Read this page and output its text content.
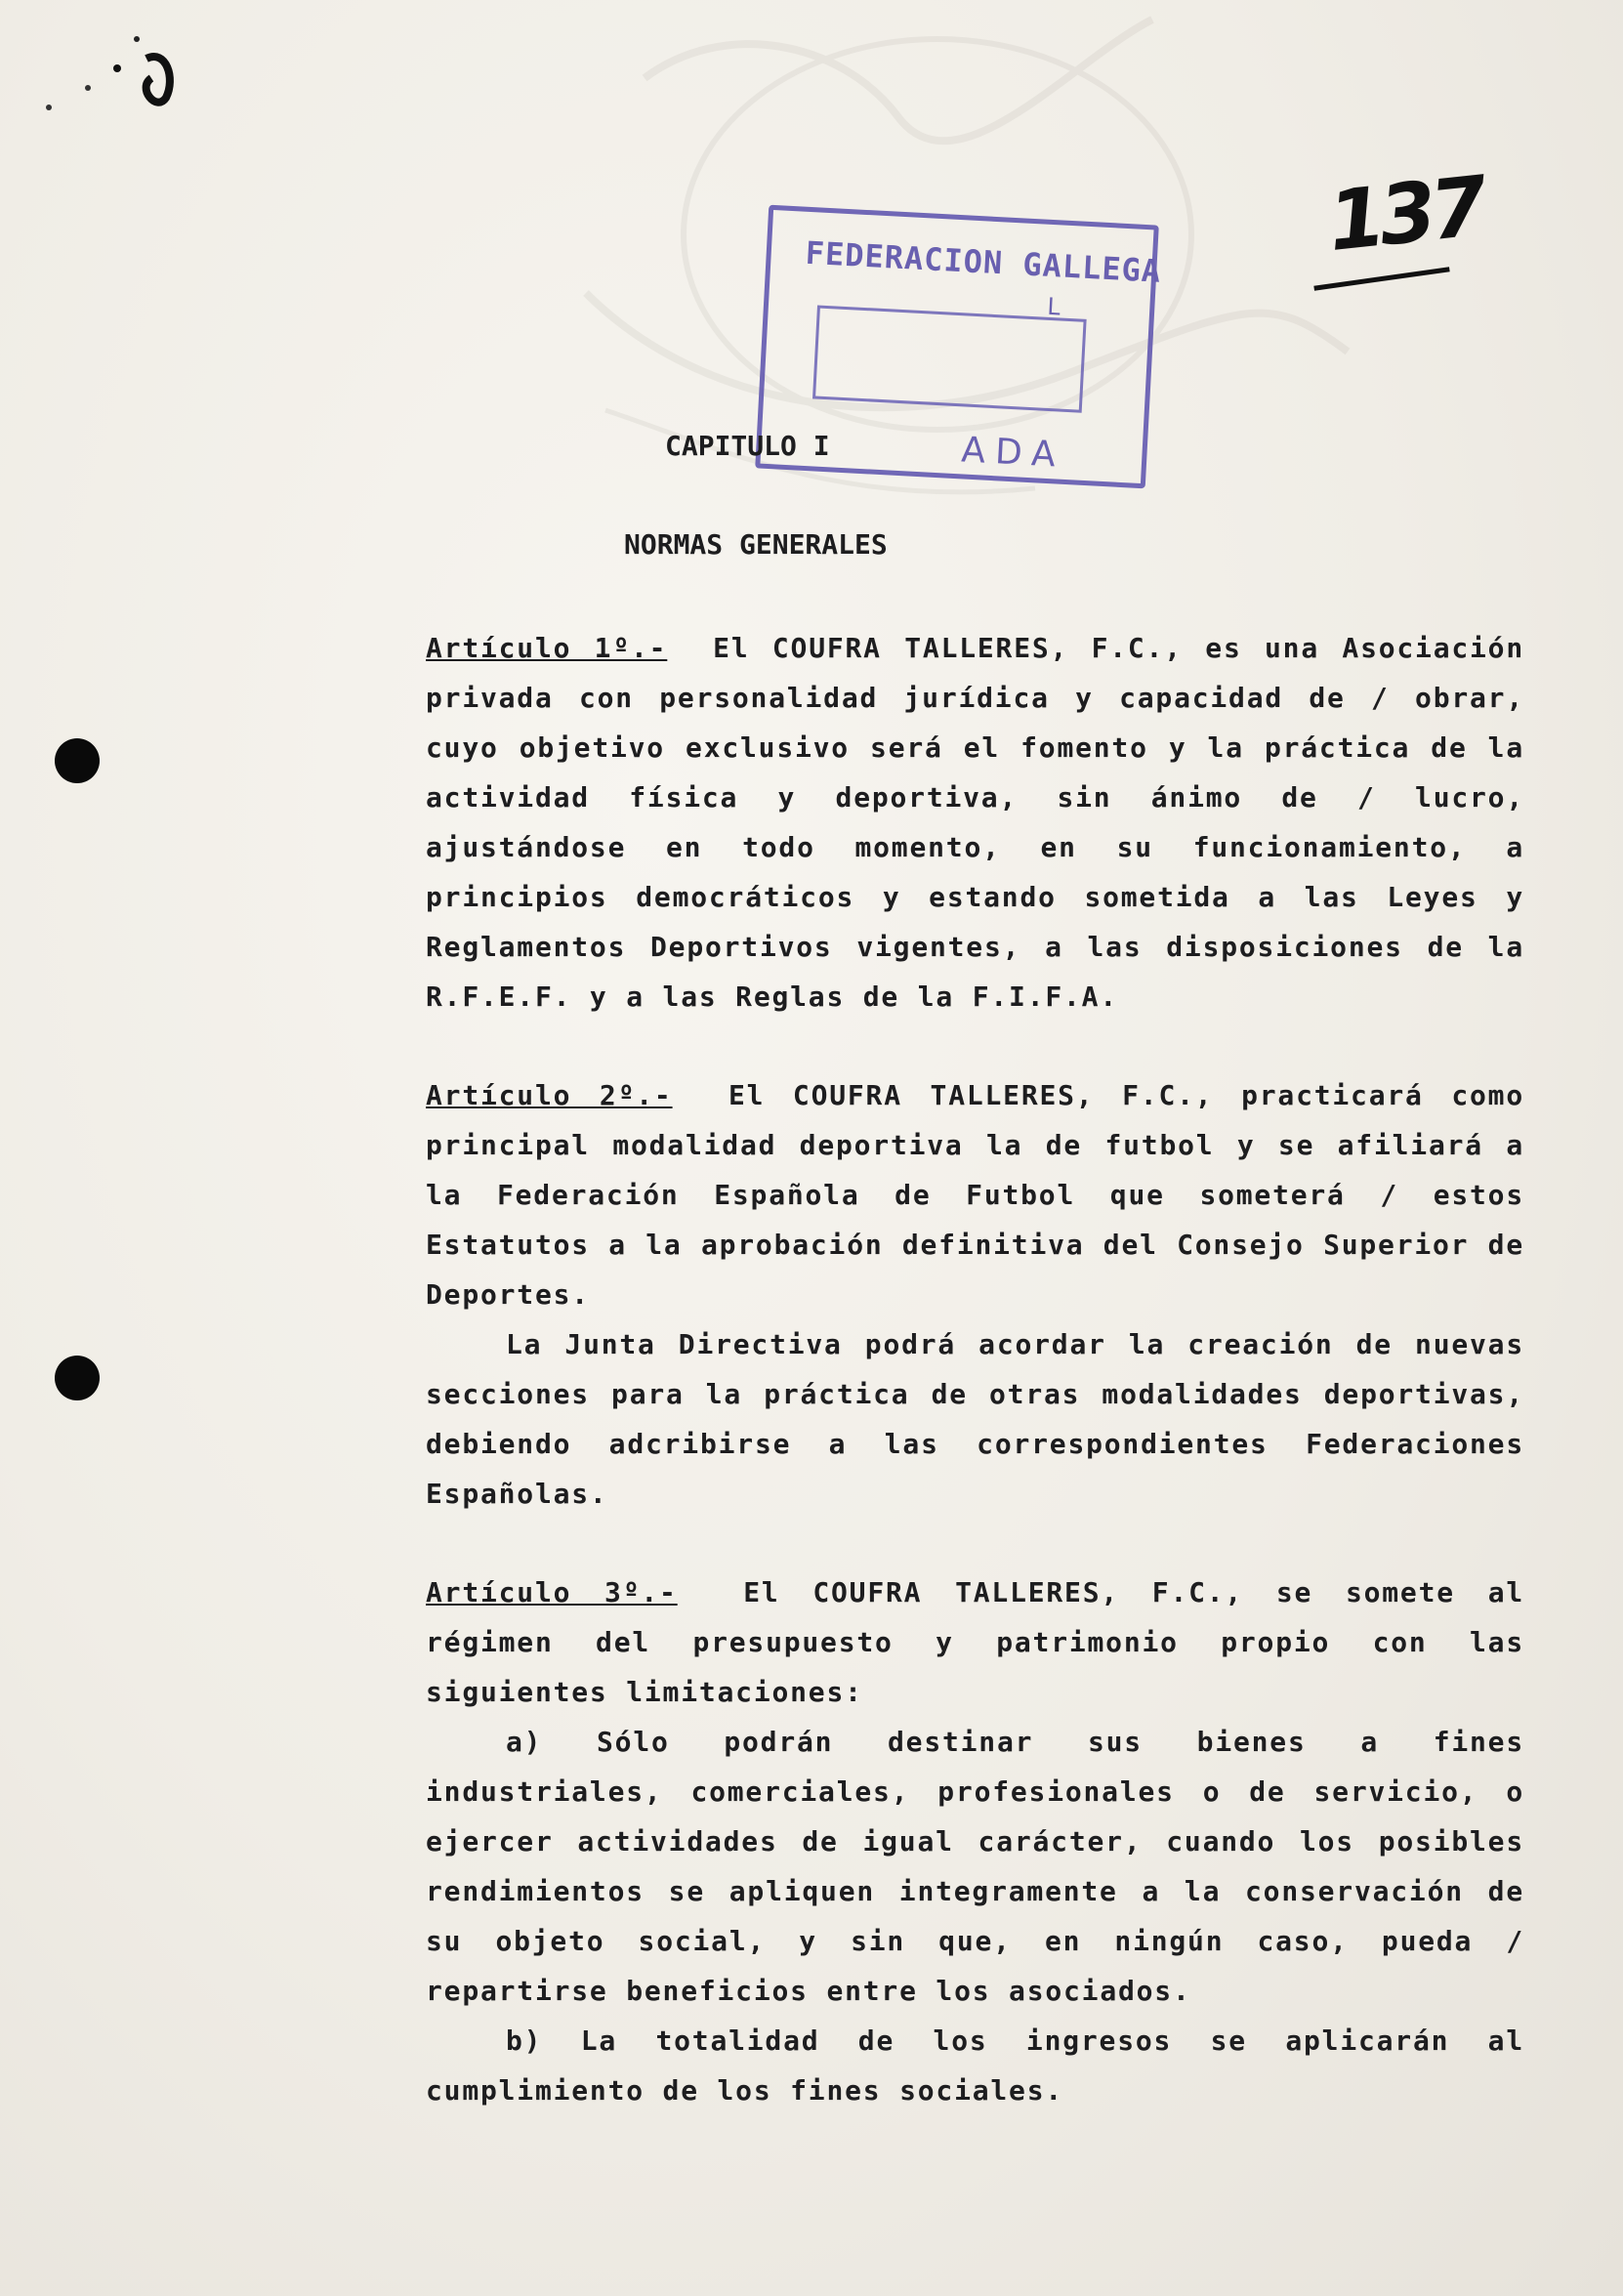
137
FEDERACION GALLEGA
L
ADA
CAPITULO I
NORMAS GENERALES

Artículo 1º.- El COUFRA TALLERES, F.C., es una Asociación privada con personalidad jurídica y capacidad de / obrar, cuyo objetivo exclusivo será el fomento y la práctica de la actividad física y deportiva, sin ánimo de / lucro, ajustándose en todo momento, en su funcionamiento, a principios democráticos y estando sometida a las Leyes y Reglamentos Deportivos vigentes, a las disposiciones de la R.F.E.F. y a las Reglas de la F.I.F.A.

Artículo 2º.- El COUFRA TALLERES, F.C., practicará como principal modalidad deportiva la de futbol y se afiliará a la Federación Española de Futbol que someterá / estos Estatutos a la aprobación definitiva del Consejo Superior de Deportes.

La Junta Directiva podrá acordar la creación de nuevas secciones para la práctica de otras modalidades deportivas, debiendo adcribirse a las correspondientes Federaciones Españolas.

Artículo 3º.- El COUFRA TALLERES, F.C., se somete al régimen del presupuesto y patrimonio propio con las siguientes limitaciones:

a) Sólo podrán destinar sus bienes a fines industriales, comerciales, profesionales o de servicio, o ejercer actividades de igual carácter, cuando los posibles rendimientos se apliquen integramente a la conservación de su objeto social, y sin que, en ningún caso, pueda / repartirse beneficios entre los asociados.

b) La totalidad de los ingresos se aplicarán al cumplimiento de los fines sociales.
